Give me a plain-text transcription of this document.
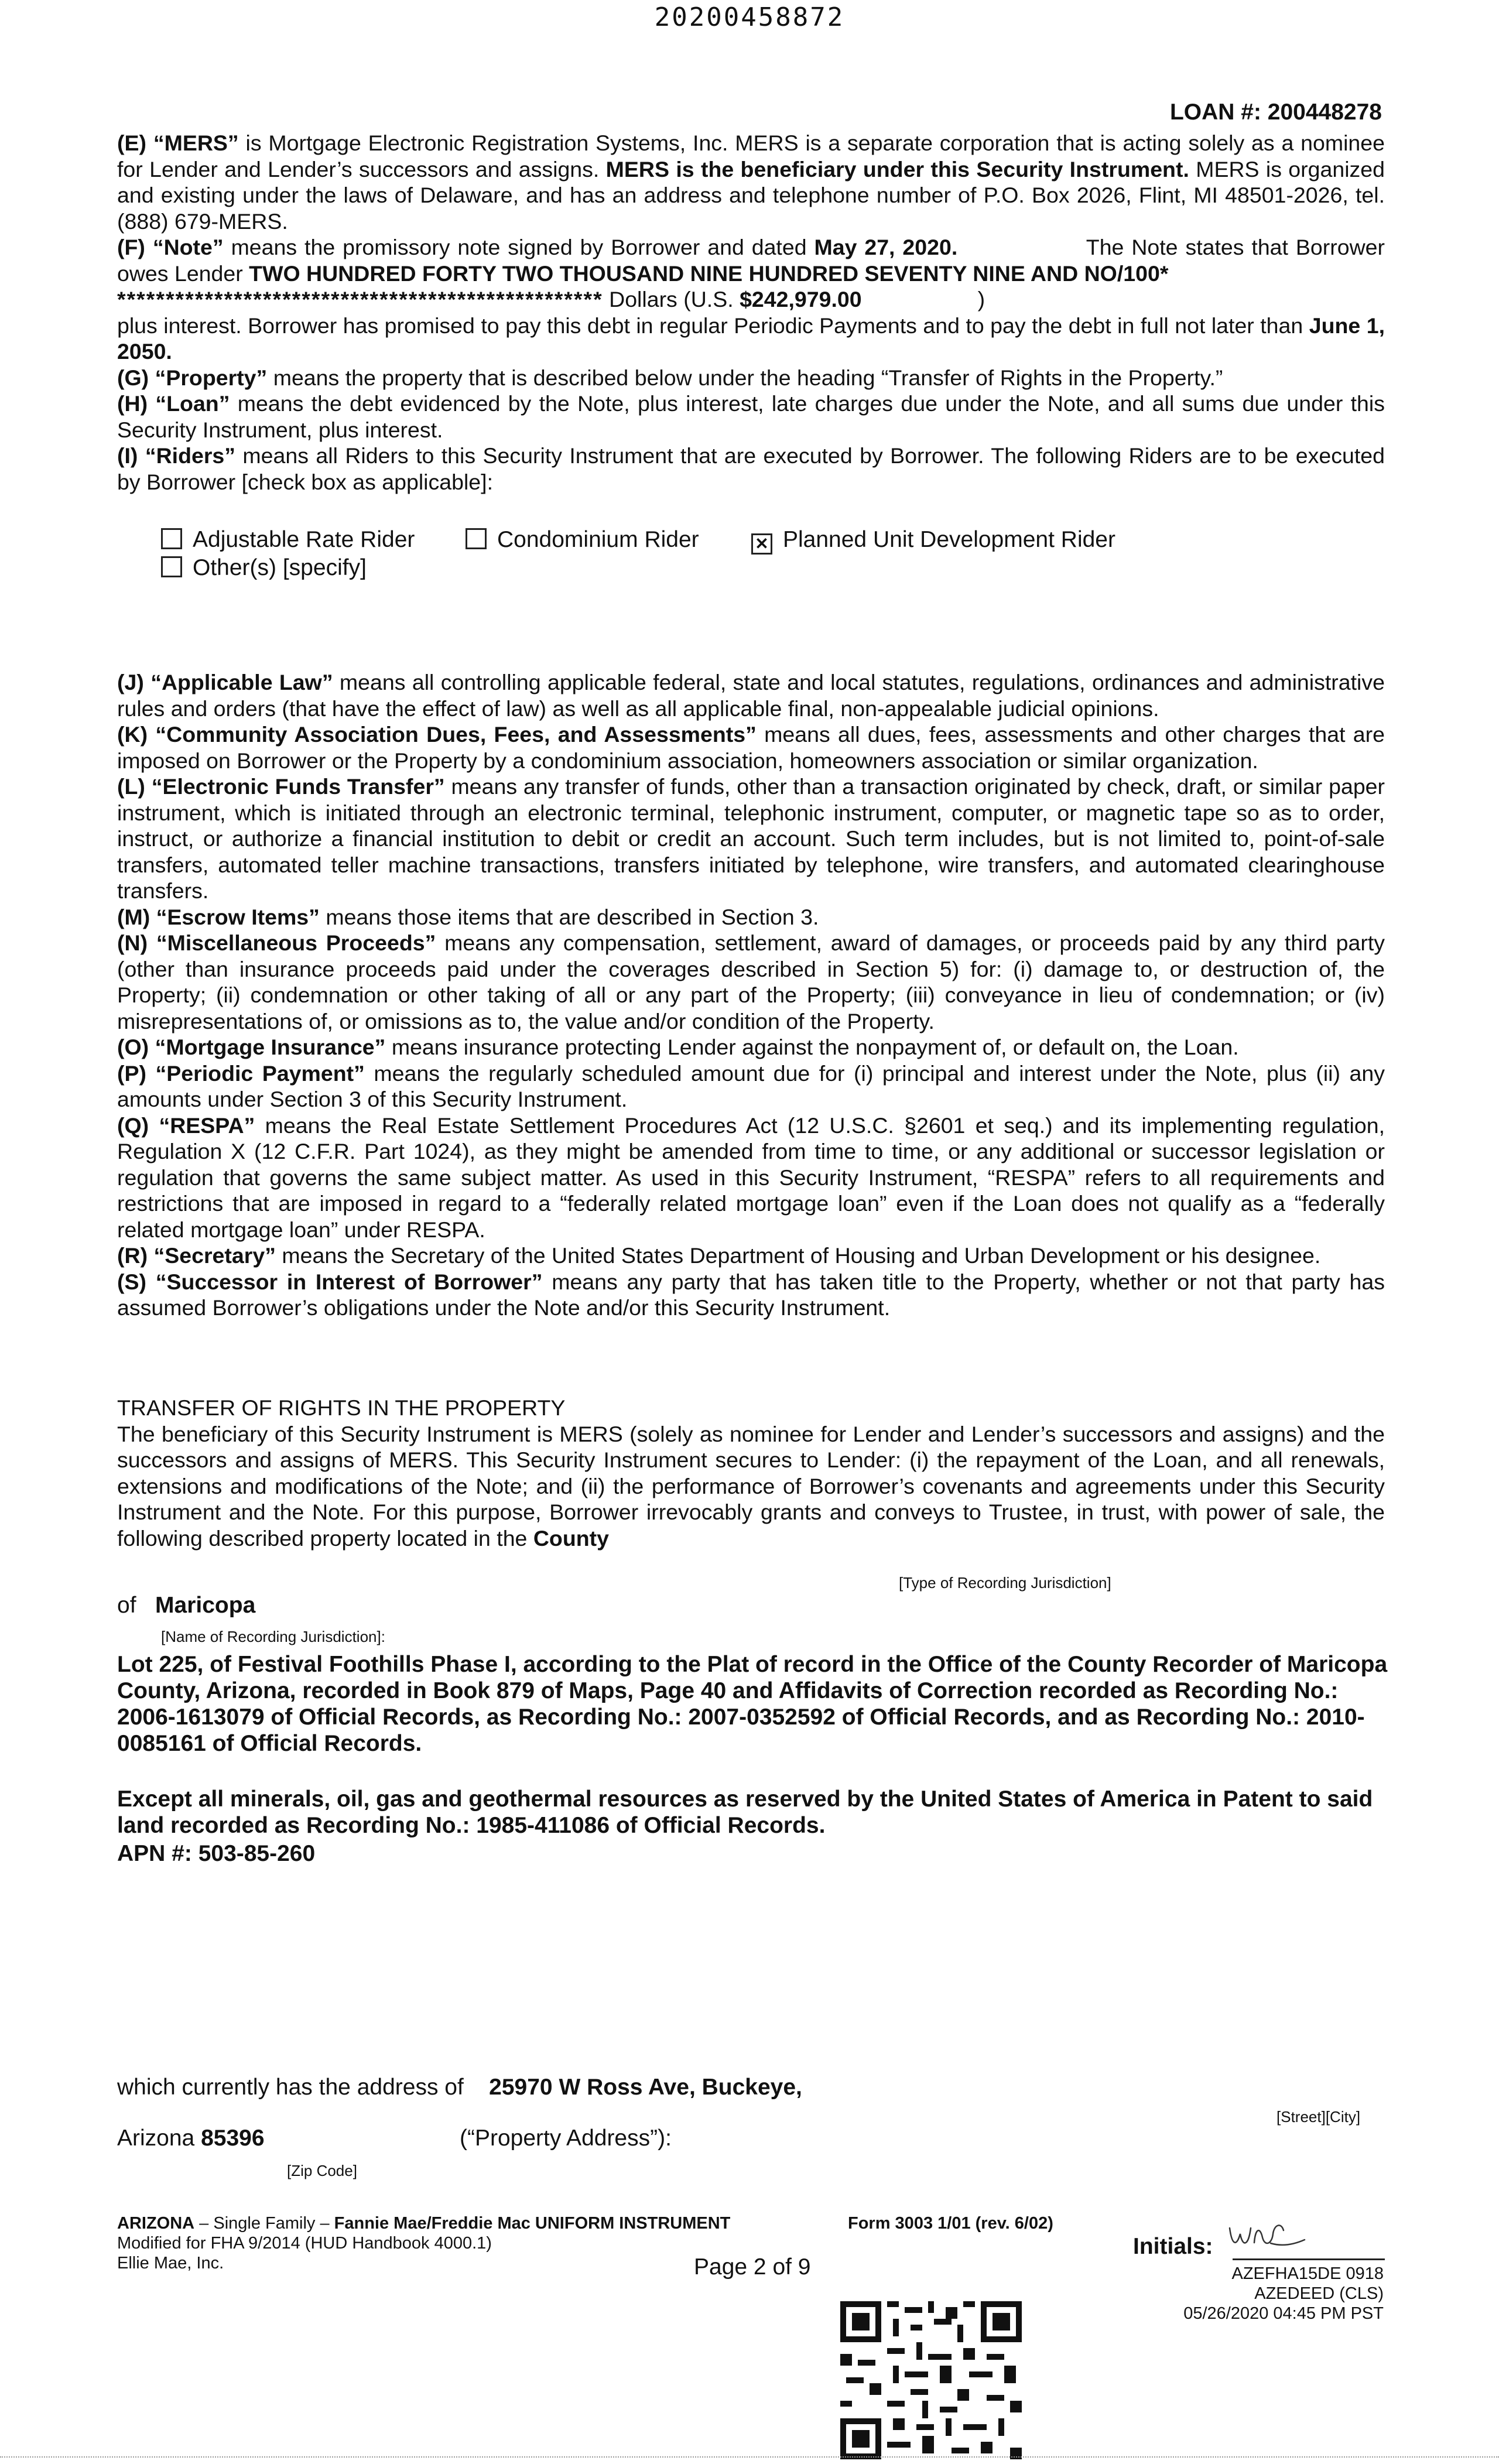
20200458872
LOAN #: 200448278

(E) “MERS” is Mortgage Electronic Registration Systems, Inc. MERS is a separate corporation that is acting solely as a nominee for Lender and Lender’s successors and assigns. MERS is the beneficiary under this Security Instrument. MERS is organized and existing under the laws of Delaware, and has an address and telephone number of P.O. Box 2026, Flint, MI 48501-2026, tel. (888) 679-MERS.

(F) “Note” means the promissory note signed by Borrower and dated May 27, 2020.	The Note states that Borrower owes Lender TWO HUNDRED FORTY TWO THOUSAND NINE HUNDRED SEVENTY NINE AND NO/100*
************************************************** Dollars (U.S. $242,979.00	)

plus interest. Borrower has promised to pay this debt in regular Periodic Payments and to pay the debt in full not later than June 1, 2050.

(G) “Property” means the property that is described below under the heading “Transfer of Rights in the Property.”

(H) “Loan” means the debt evidenced by the Note, plus interest, late charges due under the Note, and all sums due under this Security Instrument, plus interest.

(I) “Riders” means all Riders to this Security Instrument that are executed by Borrower. The following Riders are to be executed by Borrower [check box as applicable]:

Adjustable Rate Rider	Condominium Rider	✕ Planned Unit Development Rider
Other(s) [specify]

(J) “Applicable Law” means all controlling applicable federal, state and local statutes, regulations, ordinances and administrative rules and orders (that have the effect of law) as well as all applicable final, non-appealable judicial opinions.

(K) “Community Association Dues, Fees, and Assessments” means all dues, fees, assessments and other charges that are imposed on Borrower or the Property by a condominium association, homeowners association or similar organization.

(L) “Electronic Funds Transfer” means any transfer of funds, other than a transaction originated by check, draft, or similar paper instrument, which is initiated through an electronic terminal, telephonic instrument, computer, or magnetic tape so as to order, instruct, or authorize a financial institution to debit or credit an account. Such term includes, but is not limited to, point-of-sale transfers, automated teller machine transactions, transfers initiated by telephone, wire transfers, and automated clearinghouse transfers.

(M) “Escrow Items” means those items that are described in Section 3.

(N) “Miscellaneous Proceeds” means any compensation, settlement, award of damages, or proceeds paid by any third party (other than insurance proceeds paid under the coverages described in Section 5) for: (i) damage to, or destruction of, the Property; (ii) condemnation or other taking of all or any part of the Property; (iii) conveyance in lieu of condemnation; or (iv) misrepresentations of, or omissions as to, the value and/or condition of the Property.

(O) “Mortgage Insurance” means insurance protecting Lender against the nonpayment of, or default on, the Loan.

(P) “Periodic Payment” means the regularly scheduled amount due for (i) principal and interest under the Note, plus (ii) any amounts under Section 3 of this Security Instrument.

(Q) “RESPA” means the Real Estate Settlement Procedures Act (12 U.S.C. §2601 et seq.) and its implementing regulation, Regulation X (12 C.F.R. Part 1024), as they might be amended from time to time, or any additional or successor legislation or regulation that governs the same subject matter. As used in this Security Instrument, “RESPA” refers to all requirements and restrictions that are imposed in regard to a “federally related mortgage loan” even if the Loan does not qualify as a “federally related mortgage loan” under RESPA.

(R) “Secretary” means the Secretary of the United States Department of Housing and Urban Development or his designee.

(S) “Successor in Interest of Borrower” means any party that has taken title to the Property, whether or not that party has assumed Borrower’s obligations under the Note and/or this Security Instrument.

TRANSFER OF RIGHTS IN THE PROPERTY

The beneficiary of this Security Instrument is MERS (solely as nominee for Lender and Lender’s successors and assigns) and the successors and assigns of MERS. This Security Instrument secures to Lender: (i) the repayment of the Loan, and all renewals, extensions and modifications of the Note; and (ii) the performance of Borrower’s covenants and agreements under this Security Instrument and the Note. For this purpose, Borrower irrevocably grants and conveys to Trustee, in trust, with power of sale, the following described property located in the County

[Type of Recording Jurisdiction]
of Maricopa
[Name of Recording Jurisdiction]:
Lot 225, of Festival Foothills Phase I, according to the Plat of record in the Office of the County Recorder of Maricopa County, Arizona, recorded in Book 879 of Maps, Page 40 and Affidavits of Correction recorded as Recording No.: 2006-1613079 of Official Records, as Recording No.: 2007-0352592 of Official Records, and as Recording No.: 2010-0085161 of Official Records.
Except all minerals, oil, gas and geothermal resources as reserved by the United States of America in Patent to said land recorded as Recording No.: 1985-411086 of Official Records.
APN #: 503-85-260
which currently has the address of 25970 W Ross Ave, Buckeye,
[Street][City]
Arizona 85396	(“Property Address”):
[Zip Code]
ARIZONA – Single Family – Fannie Mae/Freddie Mac UNIFORM INSTRUMENT	Form 3003 1/01 (rev. 6/02)
Modified for FHA 9/2014 (HUD Handbook 4000.1)
Ellie Mae, Inc.	Page 2 of 9
Initials:
AZEFHA15DE 0918
AZEDEED (CLS)
05/26/2020 04:45 PM PST
